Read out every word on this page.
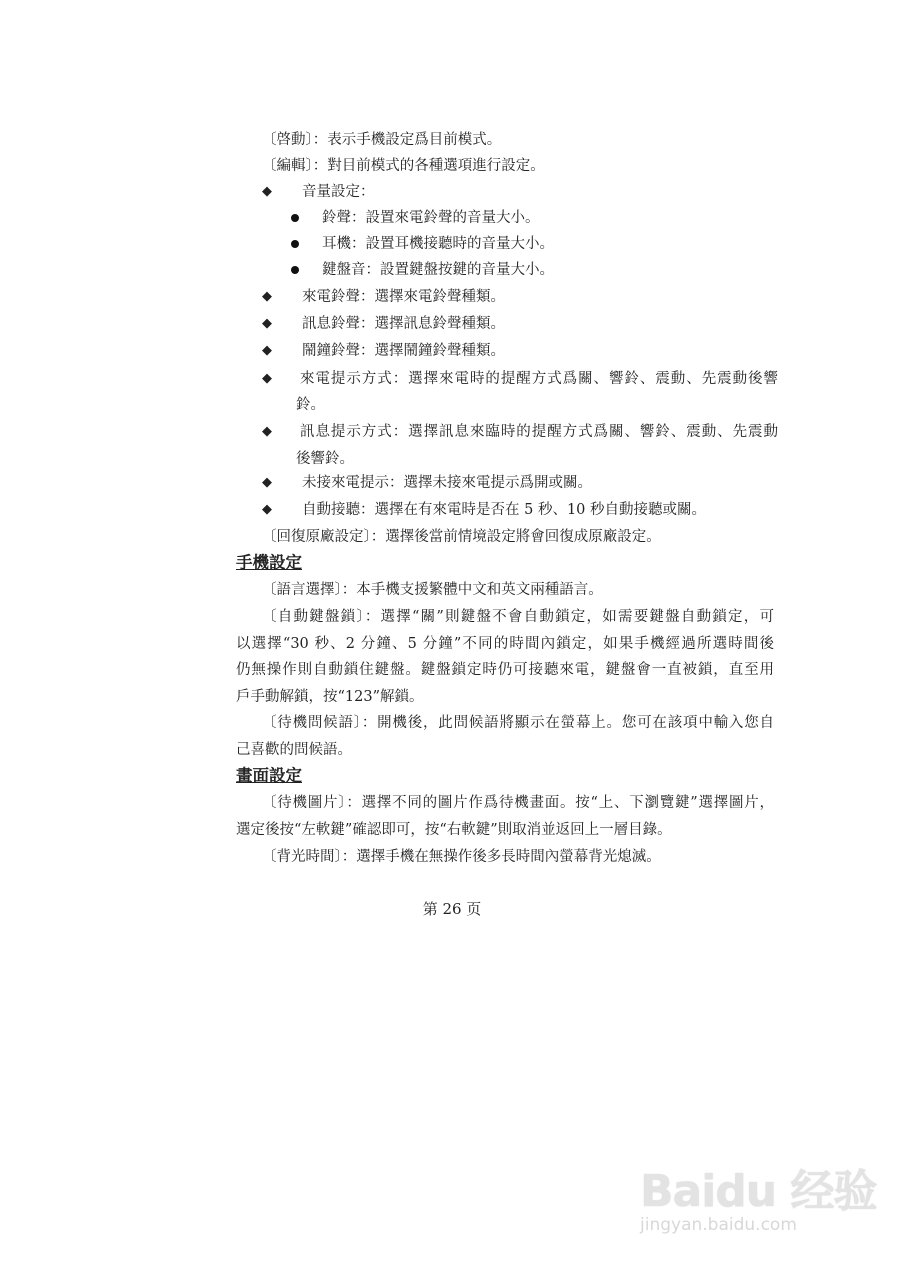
〔啓動〕：表示手機設定爲目前模式。
〔編輯〕：對目前模式的各種選項進行設定。
◆ 音量設定：
鈴聲：設置來電鈴聲的音量大小。
耳機：設置耳機接聽時的音量大小。
鍵盤音：設置鍵盤按鍵的音量大小。
◆ 來電鈴聲：選擇來電鈴聲種類。
◆ 訊息鈴聲：選擇訊息鈴聲種類。
◆ 鬧鐘鈴聲：選擇鬧鐘鈴聲種類。
◆ 來電提示方式：選擇來電時的提醒方式爲關、響鈴、震動、先震動後響
鈴。
◆ 訊息提示方式：選擇訊息來臨時的提醒方式爲關、響鈴、震動、先震動
後響鈴。
◆ 未接來電提示：選擇未接來電提示爲開或關。
◆ 自動接聽：選擇在有來電時是否在 5 秒、10 秒自動接聽或關。
〔回復原廠設定〕：選擇後當前情境設定將會回復成原廠設定。
手機設定
〔語言選擇〕：本手機支援繁體中文和英文兩種語言。
〔自動鍵盤鎖〕：選擇“關”則鍵盤不會自動鎖定，如需要鍵盤自動鎖定，可
以選擇“30 秒、2 分鐘、5 分鐘”不同的時間內鎖定，如果手機經過所選時間後
仍無操作則自動鎖住鍵盤。鍵盤鎖定時仍可接聽來電，鍵盤會一直被鎖，直至用
戶手動解鎖，按“123”解鎖。
〔待機問候語〕：開機後，此問候語將顯示在螢幕上。您可在該項中輸入您自
己喜歡的問候語。
畫面設定
〔待機圖片〕：選擇不同的圖片作爲待機畫面。按“上、下瀏覽鍵”選擇圖片，
選定後按“左軟鍵”確認即可，按“右軟鍵”則取消並返回上一層目錄。
〔背光時間〕：選擇手機在無操作後多長時間內螢幕背光熄滅。
第 26 页
Baidu 经验
jingyan.baidu.com
